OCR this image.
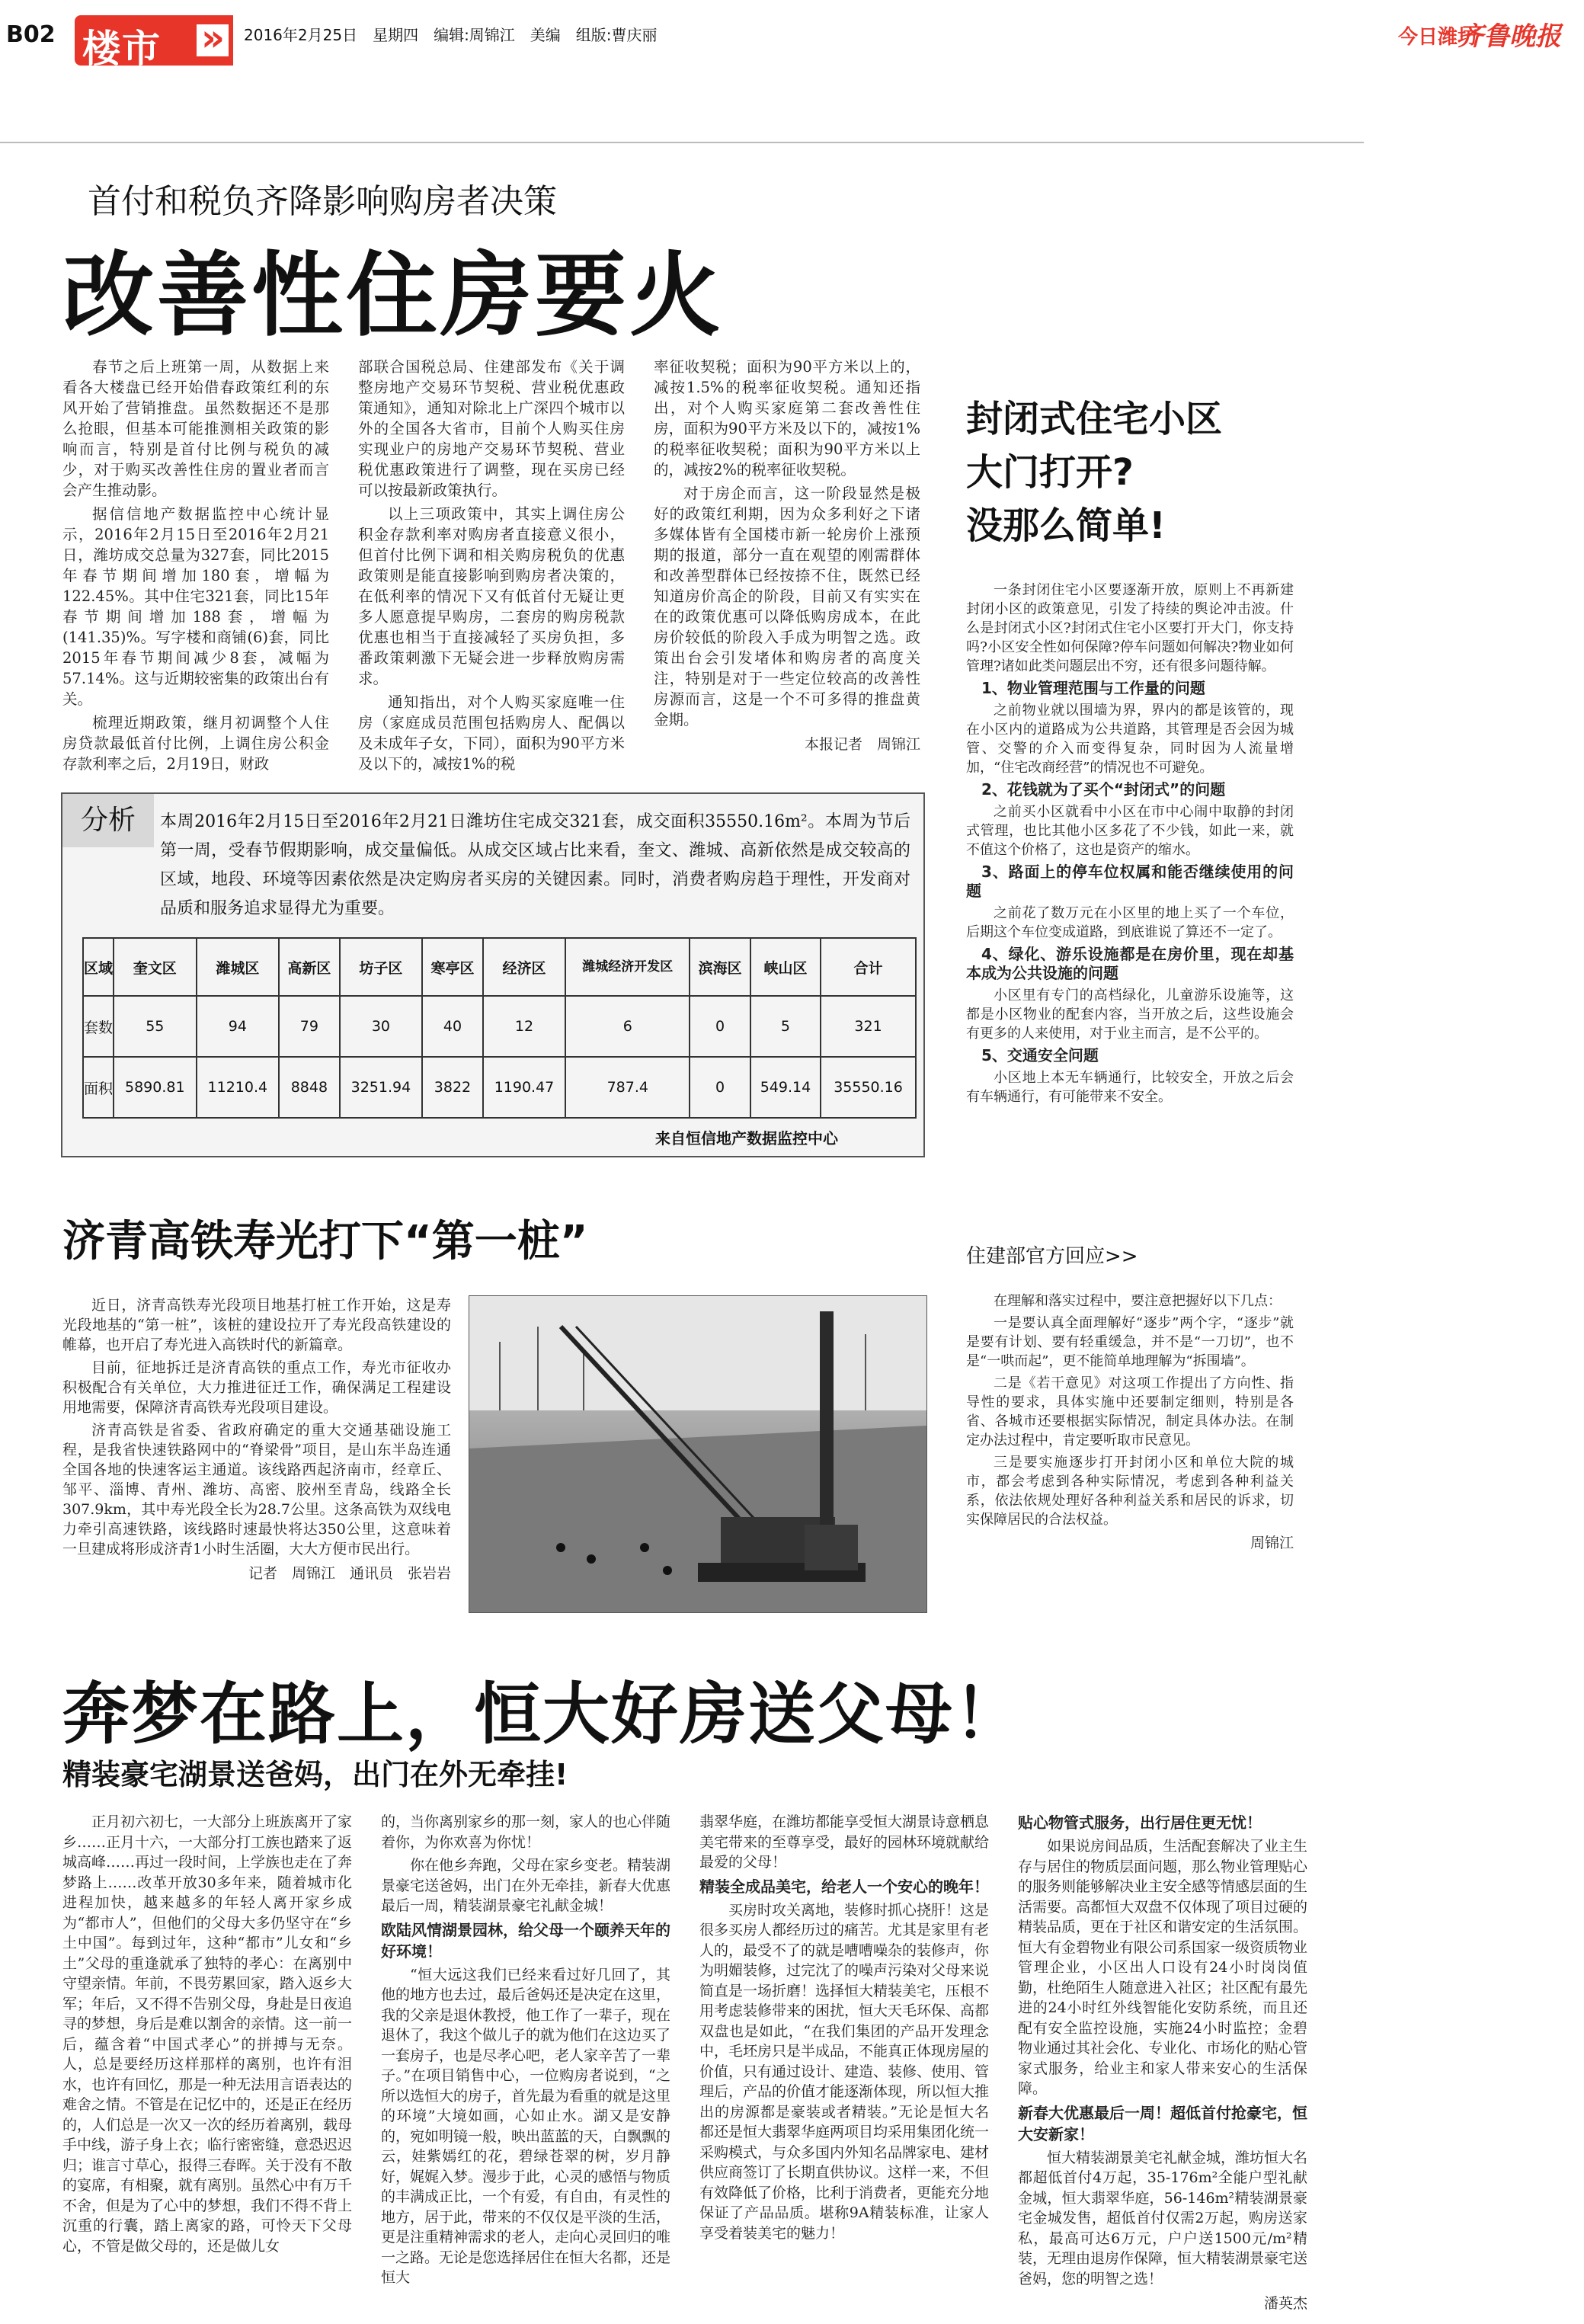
B02 楼市 »	2016年2月25日　星期四　编辑:周锦江　美编　组版:曹庆丽	今日潍坊
齐鲁晚报
首付和税负齐降影响购房者决策
改善性住房要火

春节之后上班第一周，从数据上来看各大楼盘已经开始借春政策红利的东风开始了营销推盘。虽然数据还不是那么抢眼，但基本可能推测相关政策的影响而言，特别是首付比例与税负的减少，对于购买改善性住房的置业者而言会产生推动影。

据信信地产数据监控中心统计显示，2016年2月15日至2016年2月21日，潍坊成交总量为327套，同比2015年春节期间增加180套，增幅为122.45%。其中住宅321套，同比15年春节期间增加188套，增幅为(141.35)%。写字楼和商铺(6)套，同比2015年春节期间减少8套，减幅为57.14%。这与近期较密集的政策出台有关。

梳理近期政策，继月初调整个人住房贷款最低首付比例，上调住房公积金存款利率之后，2月19日，财政

部联合国税总局、住建部发布《关于调整房地产交易环节契税、营业税优惠政策通知》，通知对除北上广深四个城市以外的全国各大省市，目前个人购买住房实现业户的房地产交易环节契税、营业税优惠政策进行了调整，现在买房已经可以按最新政策执行。

以上三项政策中，其实上调住房公积金存款利率对购房者直接意义很小，但首付比例下调和相关购房税负的优惠政策则是能直接影响到购房者决策的，在低利率的情况下又有低首付无疑让更多人愿意提早购房，二套房的购房税款优惠也相当于直接减轻了买房负担，多番政策刺激下无疑会进一步释放购房需求。

通知指出，对个人购买家庭唯一住房（家庭成员范围包括购房人、配偶以及未成年子女，下同），面积为90平方米及以下的，减按1%的税

率征收契税；面积为90平方米以上的，减按1.5%的税率征收契税。通知还指出，对个人购买家庭第二套改善性住房，面积为90平方米及以下的，减按1%的税率征收契税；面积为90平方米以上的，减按2%的税率征收契税。

对于房企而言，这一阶段显然是极好的政策红利期，因为众多利好之下诸多媒体皆有全国楼市新一轮房价上涨预期的报道，部分一直在观望的刚需群体和改善型群体已经按捺不住，既然已经知道房价高企的阶段，目前又有实实在在的政策优惠可以降低购房成本，在此房价较低的阶段入手成为明智之选。政策出台会引发堵体和购房者的高度关注，特别是对于一些定位较高的改善性房源而言，这是一个不可多得的推盘黄金期。

本报记者　周锦江
分析	本周2016年2月15日至2016年2月21日潍坊住宅成交321套，成交面积35550.16m²。本周为节后第一周，受春节假期影响，成交量偏低。从成交区域占比来看，奎文、潍城、高新依然是成交较高的区域，地段、环境等因素依然是决定购房者买房的关键因素。同时，消费者购房趋于理性，开发商对品质和服务追求显得尤为重要。
区域	奎文区	潍城区	高新区	坊子区	寒亭区	经济区	潍城经济开发区	滨海区	峡山区	合计
套数	55	94	79	30	40	12	6	0	5	321
面积	5890.81	11210.4	8848	3251.94	3822	1190.47	787.4	0	549.14	35550.16
来自恒信地产数据监控中心
封闭式住宅小区
大门打开?
没那么简单!

一条封闭住宅小区要逐渐开放，原则上不再新建封闭小区的政策意见，引发了持续的舆论冲击波。什么是封闭式小区?封闭式住宅小区要打开大门，你支持吗?小区安全性如何保障?停车问题如何解决?物业如何管理?诸如此类问题层出不穷，还有很多问题待解。

1、物业管理范围与工作量的问题

之前物业就以围墙为界，界内的都是该管的，现在小区内的道路成为公共道路，其管理是否会因为城管、交警的介入而变得复杂，同时因为人流量增加，“住宅改商经营”的情况也不可避免。

2、花钱就为了买个“封闭式”的问题

之前买小区就看中小区在市中心闹中取静的封闭式管理，也比其他小区多花了不少钱，如此一来，就不值这个价格了，这也是资产的缩水。

3、路面上的停车位权属和能否继续使用的问题

之前花了数万元在小区里的地上买了一个车位，后期这个车位变成道路，到底谁说了算还不一定了。

4、绿化、游乐设施都是在房价里，现在却基本成为公共设施的问题

小区里有专门的高档绿化，儿童游乐设施等，这都是小区物业的配套内容，当开放之后，这些设施会有更多的人来使用，对于业主而言，是不公平的。

5、交通安全问题

小区地上本无车辆通行，比较安全，开放之后会有车辆通行，有可能带来不安全。

住建部官方回应>>

在理解和落实过程中，要注意把握好以下几点：

一是要认真全面理解好“逐步”两个字，“逐步”就是要有计划、要有轻重缓急，并不是“一刀切”，也不是“一哄而起”，更不能简单地理解为“拆围墙”。

二是《若干意见》对这项工作提出了方向性、指导性的要求，具体实施中还要制定细则，特别是各省、各城市还要根据实际情况，制定具体办法。在制定办法过程中，肯定要听取市民意见。

三是要实施逐步打开封闭小区和单位大院的城市，都会考虑到各种实际情况，考虑到各种利益关系，依法依规处理好各种利益关系和居民的诉求，切实保障居民的合法权益。

周锦江
济青高铁寿光打下“第一桩”

近日，济青高铁寿光段项目地基打桩工作开始，这是寿光段地基的“第一桩”，该桩的建设拉开了寿光段高铁建设的帷幕，也开启了寿光进入高铁时代的新篇章。

目前，征地拆迁是济青高铁的重点工作，寿光市征收办积极配合有关单位，大力推进征迁工作，确保满足工程建设用地需要，保障济青高铁寿光段项目建设。

济青高铁是省委、省政府确定的重大交通基础设施工程，是我省快速铁路网中的“脊梁骨”项目，是山东半岛连通全国各地的快速客运主通道。该线路西起济南市，经章丘、邹平、淄博、青州、潍坊、高密、胶州至青岛，线路全长307.9km，其中寿光段全长为28.7公里。这条高铁为双线电力牵引高速铁路，该线路时速最快将达350公里，这意味着一旦建成将形成济青1小时生活圈，大大方便市民出行。

记者　周锦江　通讯员　张岩岩
奔梦在路上，恒大好房送父母！
精装豪宅湖景送爸妈，出门在外无牵挂!

正月初六初七，一大部分上班族离开了家乡……正月十六，一大部分打工族也踏来了返城高峰……再过一段时间，上学族也走在了奔梦路上……改革开放30多年来，随着城市化进程加快，越来越多的年轻人离开家乡成为“都市人”，但他们的父母大多仍坚守在“乡土中国”。每到过年，这种“都市”儿女和“乡土”父母的重逢就承了独特的孝心：在离别中守望亲情。年前，不畏劳累回家，踏入返乡大军；年后，又不得不告别父母，身赴是日夜追寻的梦想，身后是难以割舍的亲情。这一前一后，蕴含着“中国式孝心”的拼搏与无奈。人，总是要经历这样那样的离别，也许有泪水，也许有回忆，那是一种无法用言语表达的难舍之情。不管是在记忆中的，还是正在经历的，人们总是一次又一次的经历着离别，载母手中线，游子身上衣；临行密密缝，意恐迟迟归；谁言寸草心，报得三春晖。关于没有不散的宴席，有相聚，就有离别。虽然心中有万千不舍，但是为了心中的梦想，我们不得不背上沉重的行囊，踏上离家的路，可怜天下父母心，不管是做父母的，还是做儿女

的，当你离别家乡的那一刻，家人的也心伴随着你，为你欢喜为你忧！

你在他乡奔跑，父母在家乡变老。精装湖景豪宅送爸妈，出门在外无牵挂，新春大优惠最后一周，精装湖景豪宅礼献金城！

欧陆风情湖景园林，给父母一个颐养天年的好环境！

“恒大远这我们已经来看过好几回了，其他的地方也去过，最后爸妈还是决定在这里，我的父亲是退休教授，他工作了一辈子，现在退休了，我这个做儿子的就为他们在这边买了一套房子，也是尽孝心吧，老人家辛苦了一辈子。”在项目销售中心，一位购房者说到，“之所以选恒大的房子，首先最为看重的就是这里的环境”大境如画，心如止水。湖又是安静的，宛如明镜一般，映出蓝蓝的天，白飘飘的云，娃紫嫣红的花，碧绿苍翠的树，岁月静好，娓娓入梦。漫步于此，心灵的感悟与物质的丰满成正比，一个有爱，有自由，有灵性的地方，居于此，带来的不仅仅是平淡的生活，更是注重精神需求的老人，走向心灵回归的唯一之路。无论是您选择居住在恒大名都，还是恒大

翡翠华庭，在潍坊都能享受恒大湖景诗意栖息美宅带来的至尊享受，最好的园林环境就献给最爱的父母！

精装全成品美宅，给老人一个安心的晚年！

买房时攻关离地，装修时抓心挠肝！这是很多买房人都经历过的痛苦。尤其是家里有老人的，最受不了的就是嘈嘈噪杂的装修声，你为明媚装修，过完沈了的噪声污染对父母来说简直是一场折磨！选择恒大精装美宅，压根不用考虑装修带来的困扰，恒大天毛环保、高都双盘也是如此，“在我们集团的产品开发理念中，毛坯房只是半成品，不能真正体现房屋的价值，只有通过设计、建造、装修、使用、管理后，产品的价值才能逐渐体现，所以恒大推出的房源都是豪装或者精装。”无论是恒大名都还是恒大翡翠华庭两项目均采用集团化统一采购模式，与众多国内外知名品牌家电、建材供应商签订了长期直供协议。这样一来，不但有效降低了价格，比利于消费者，更能充分地保证了产品品质。堪称9A精装标准，让家人享受着装美宅的魅力！

贴心物管式服务，出行居住更无忧！

如果说房间品质，生活配套解决了业主生存与居住的物质层面问题，那么物业管理贴心的服务则能够解决业主安全感等情感层面的生活需要。高都恒大双盘不仅体现了项目过硬的精装品质，更在于社区和谐安定的生活氛围。恒大有金碧物业有限公司系国家一级资质物业管理企业，小区出人口设有24小时岗岗值勤，杜绝陌生人随意进入社区；社区配有最先进的24小时红外线智能化安防系统，而且还配有安全监控设施，实施24小时监控；金碧物业通过其社会化、专业化、市场化的贴心管家式服务，给业主和家人带来安心的生活保障。

新春大优惠最后一周！超低首付抢豪宅，恒大安新家！

恒大精装湖景美宅礼献金城，潍坊恒大名都超低首付4万起，35-176m²全能户型礼献金城，恒大翡翠华庭，56-146m²精装湖景豪宅金城发售，超低首付仅需2万起，购房送家私，最高可达6万元，户户送1500元/m²精装，无理由退房作保障，恒大精装湖景豪宅送爸妈，您的明智之选！

潘英杰
